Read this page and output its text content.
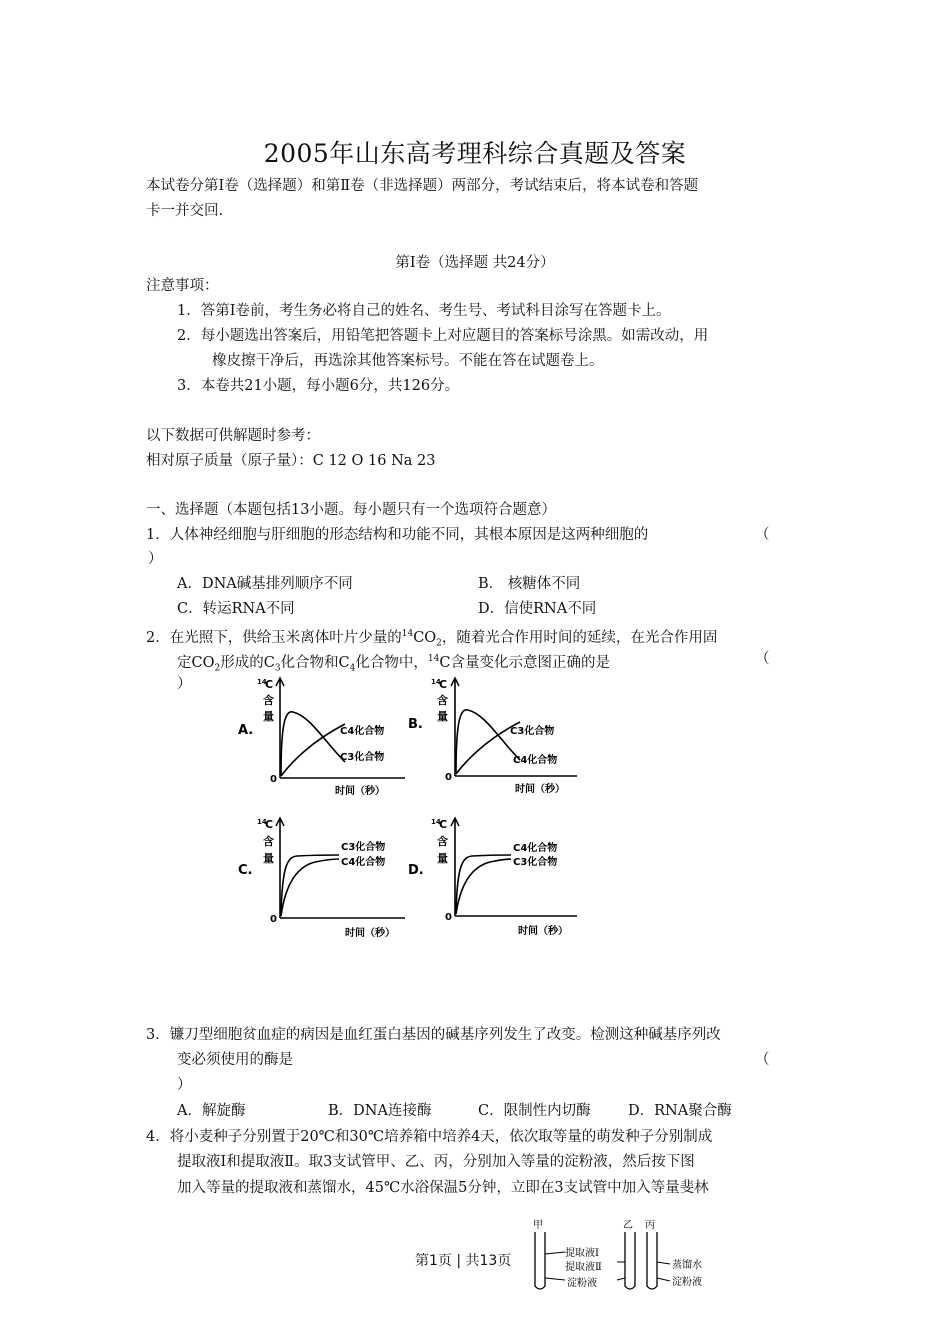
2005年山东高考理科综合真题及答案
本试卷分第Ⅰ卷（选择题）和第Ⅱ卷（非选择题）两部分，考试结束后，将本试卷和答题
卡一并交回.
第Ⅰ卷（选择题 共24分）
注意事项：
1．答第Ⅰ卷前，考生务必将自己的姓名、考生号、考试科目涂写在答题卡上。
2．每小题选出答案后，用铅笔把答题卡上对应题目的答案标号涂黑。如需改动，用
橡皮擦干净后，再选涂其他答案标号。不能在答在试题卷上。
3．本卷共21小题，每小题6分，共126分。
以下数据可供解题时参考：
相对原子质量（原子量）：C 12 O 16 Na 23
一、选择题（本题包括13小题。每小题只有一个选项符合题意）
1．人体神经细胞与肝细胞的形态结构和功能不同，其根本原因是这两种细胞的	（
）
A．DNA碱基排列顺序不同	B． 核糖体不同
C．转运RNA不同	D．信使RNA不同
2．在光照下，供给玉米离体叶片少量的$^{14}CO_2$，随着光合作用时间的延续，在光合作用固
定$CO_2$形成的$C_3$化合物和$C_4$化合物中，$^{14}$C含量变化示意图正确的是	（
）	14
C
含
量
A.
0
时间（秒）
C4化合物
C3化合物
14
C
含
量
B.
0
时间（秒）
C3化合物
C4化合物
14
C
含
量
C.
0
时间（秒）
C3化合物
C4化合物
14
C
含
量
D.
0
时间（秒）
C4化合物
C3化合物
3．镰刀型细胞贫血症的病因是血红蛋白基因的碱基序列发生了改变。检测这种碱基序列改
变必须使用的酶是	（
）
A．解旋酶	B．DNA连接酶	C．限制性内切酶	D．RNA聚合酶
4．将小麦种子分别置于20℃和30℃培养箱中培养4天，依次取等量的萌发种子分别制成
提取液Ⅰ和提取液Ⅱ。取3支试管甲、乙、丙，分别加入等量的淀粉液，然后按下图
加入等量的提取液和蒸馏水，45℃水浴保温5分钟，立即在3支试管中加入等量斐林
甲	乙 丙
提取液Ⅰ
提取液Ⅱ
淀粉液
蒸馏水
淀粉液
第1页 | 共13页
